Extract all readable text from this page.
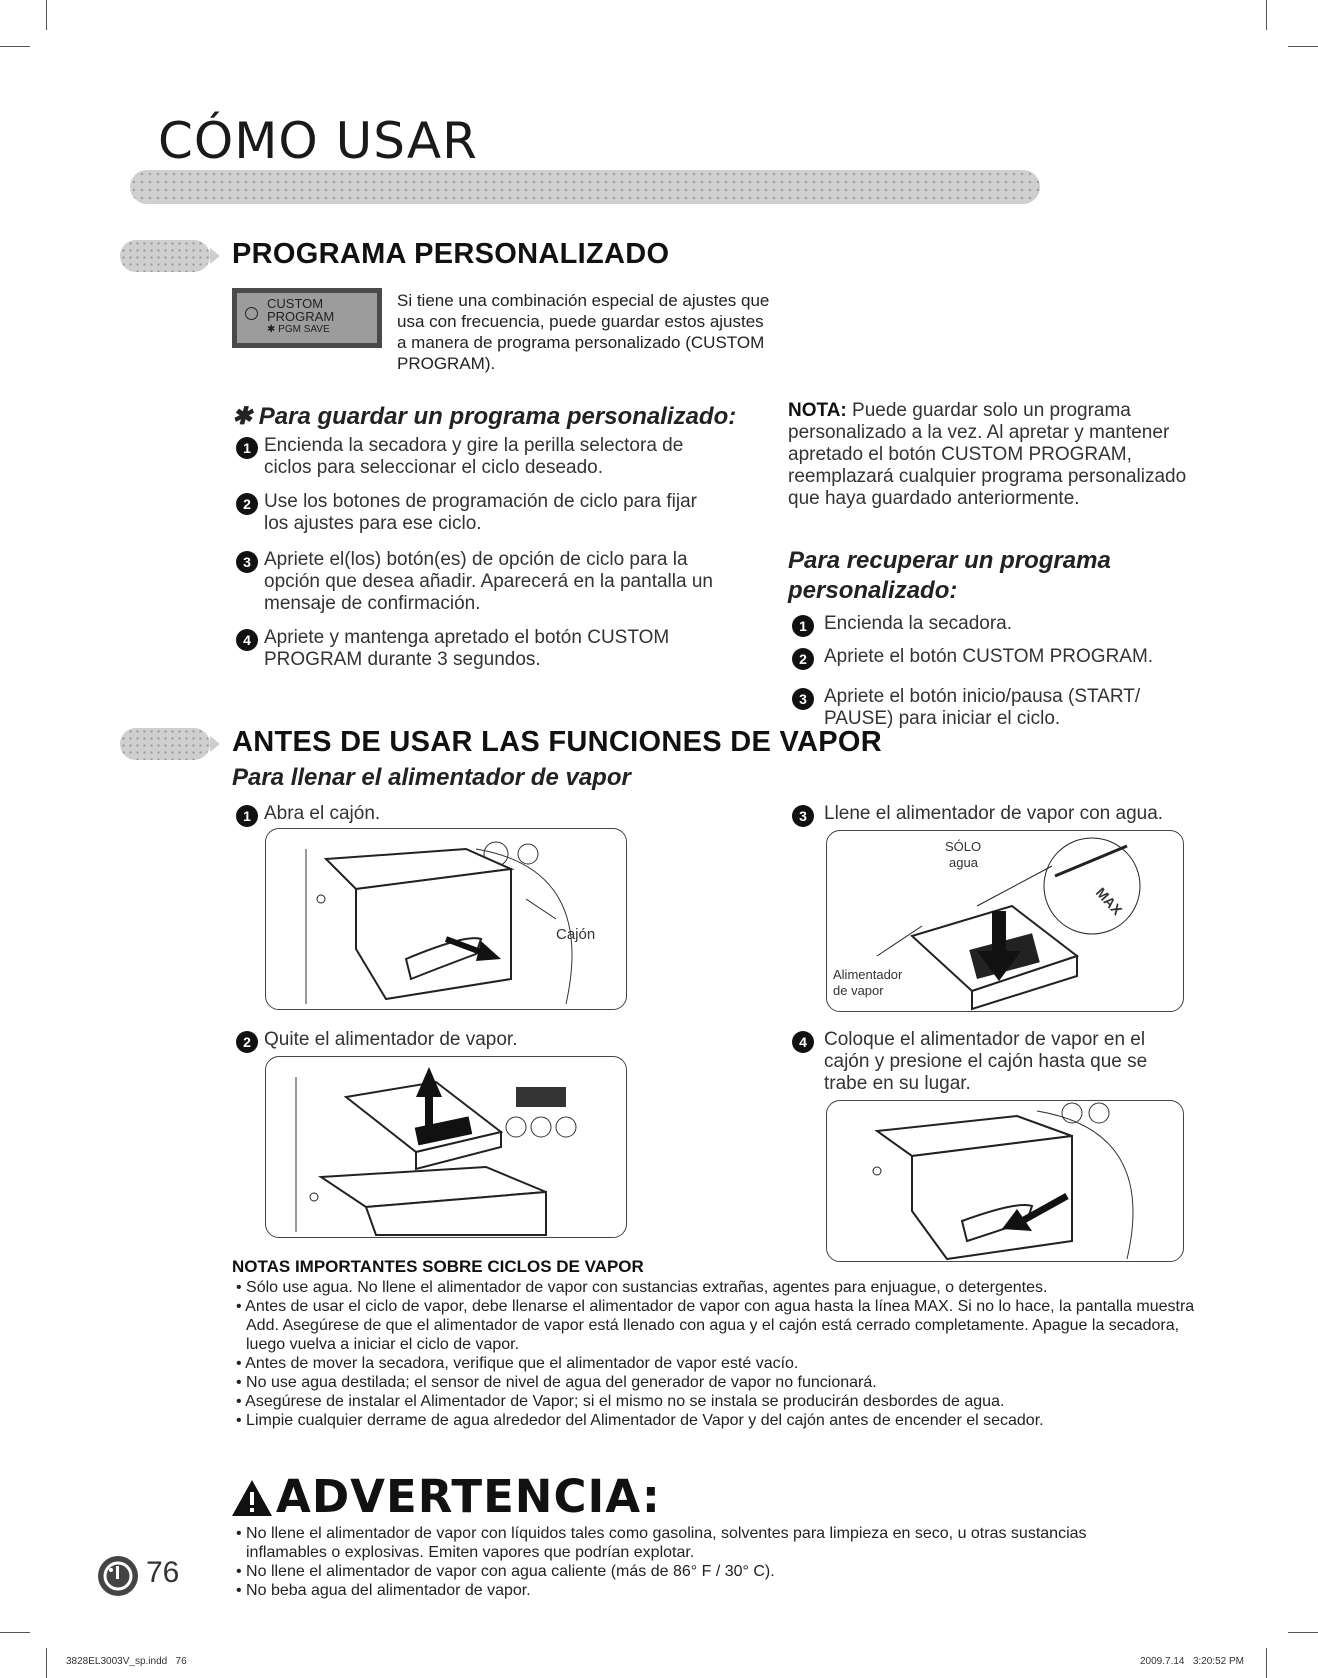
CÓMO USAR
PROGRAMA PERSONALIZADO
CUSTOM
PROGRAM
✱ PGM SAVE
Si tiene una combinación especial de ajustes que usa con frecuencia, puede guardar estos ajustes a manera de programa personalizado (CUSTOM PROGRAM).
✱ Para guardar un programa personalizado:
1 Encienda la secadora y gire la perilla selectora de ciclos para seleccionar el ciclo deseado.
2 Use los botones de programación de ciclo para fijar los ajustes para ese ciclo.
3 Apriete el(los) botón(es) de opción de ciclo para la opción que desea añadir. Aparecerá en la pantalla un mensaje de confirmación.
4 Apriete y mantenga apretado el botón CUSTOM PROGRAM durante 3 segundos.
NOTA: Puede guardar solo un programa personalizado a la vez. Al apretar y mantener apretado el botón CUSTOM PROGRAM, reemplazará cualquier programa personalizado que haya guardado anteriormente.
Para recuperar un programa personalizado:
1 Encienda la secadora.
2 Apriete el botón CUSTOM PROGRAM.
3 Apriete el botón inicio/pausa (START/ PAUSE) para iniciar el ciclo.
ANTES DE USAR LAS FUNCIONES DE VAPOR
Para llenar el alimentador de vapor
1 Abra el cajón.
Cajón
2 Quite el alimentador de vapor.
3 Llene el alimentador de vapor con agua.
MAX
SÓLO
agua
Alimentador
de vapor
4 Coloque el alimentador de vapor en el cajón y presione el cajón hasta que se trabe en su lugar.
NOTAS IMPORTANTES SOBRE CICLOS DE VAPOR
• Sólo use agua. No llene el alimentador de vapor con sustancias extrañas, agentes para enjuague, o detergentes.
• Antes de usar el ciclo de vapor, debe llenarse el alimentador de vapor con agua hasta la línea MAX. Si no lo hace, la pantalla muestra Add. Asegúrese de que el alimentador de vapor está llenado con agua y el cajón está cerrado completamente. Apague la secadora, luego vuelva a iniciar el ciclo de vapor.
• Antes de mover la secadora, verifique que el alimentador de vapor esté vacío.
• No use agua destilada; el sensor de nivel de agua del generador de vapor no funcionará.
• Asegúrese de instalar el Alimentador de Vapor; si el mismo no se instala se producirán desbordes de agua.
• Limpie cualquier derrame de agua alrededor del Alimentador de Vapor y del cajón antes de encender el secador.
ADVERTENCIA:
• No llene el alimentador de vapor con líquidos tales como gasolina, solventes para limpieza en seco, u otras sustancias inflamables o explosivas. Emiten vapores que podrían explotar.
• No llene el alimentador de vapor con agua caliente (más de 86° F / 30° C).
• No beba agua del alimentador de vapor.
76
3828EL3003V_sp.indd   76	2009.7.14   3:20:52 PM
